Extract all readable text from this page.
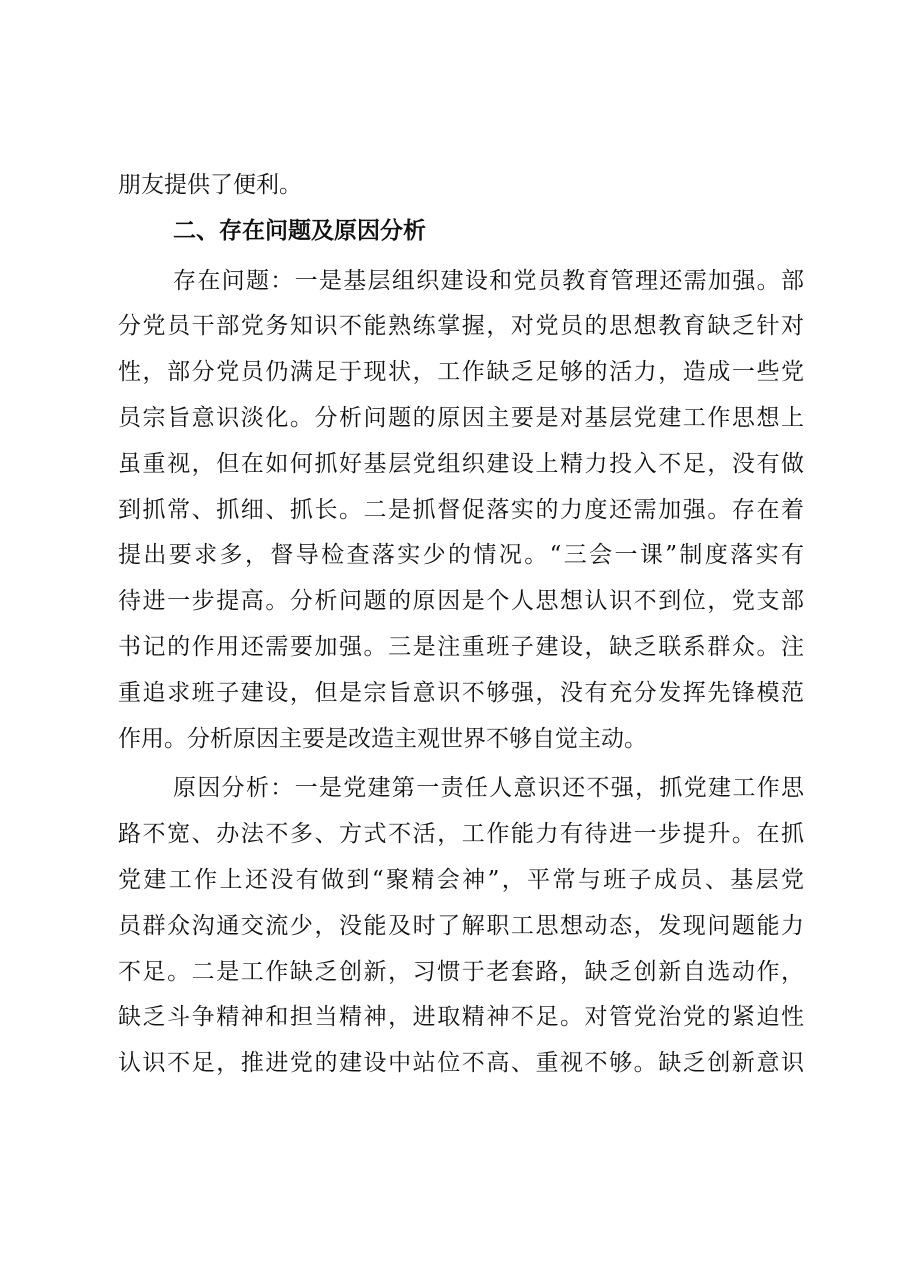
朋友提供了便利。
二、存在问题及原因分析
存在问题：一是基层组织建设和党员教育管理还需加强。部
分党员干部党务知识不能熟练掌握，对党员的思想教育缺乏针对
性，部分党员仍满足于现状，工作缺乏足够的活力，造成一些党
员宗旨意识淡化。分析问题的原因主要是对基层党建工作思想上
虽重视，但在如何抓好基层党组织建设上精力投入不足，没有做
到抓常、抓细、抓长。二是抓督促落实的力度还需加强。存在着
提出要求多，督导检查落实少的情况。“三会一课”制度落实有
待进一步提高。分析问题的原因是个人思想认识不到位，党支部
书记的作用还需要加强。三是注重班子建设，缺乏联系群众。注
重追求班子建设，但是宗旨意识不够强，没有充分发挥先锋模范
作用。分析原因主要是改造主观世界不够自觉主动。
原因分析：一是党建第一责任人意识还不强，抓党建工作思
路不宽、办法不多、方式不活，工作能力有待进一步提升。在抓
党建工作上还没有做到“聚精会神”，平常与班子成员、基层党
员群众沟通交流少，没能及时了解职工思想动态，发现问题能力
不足。二是工作缺乏创新，习惯于老套路，缺乏创新自选动作，
缺乏斗争精神和担当精神，进取精神不足。对管党治党的紧迫性
认识不足，推进党的建设中站位不高、重视不够。缺乏创新意识
